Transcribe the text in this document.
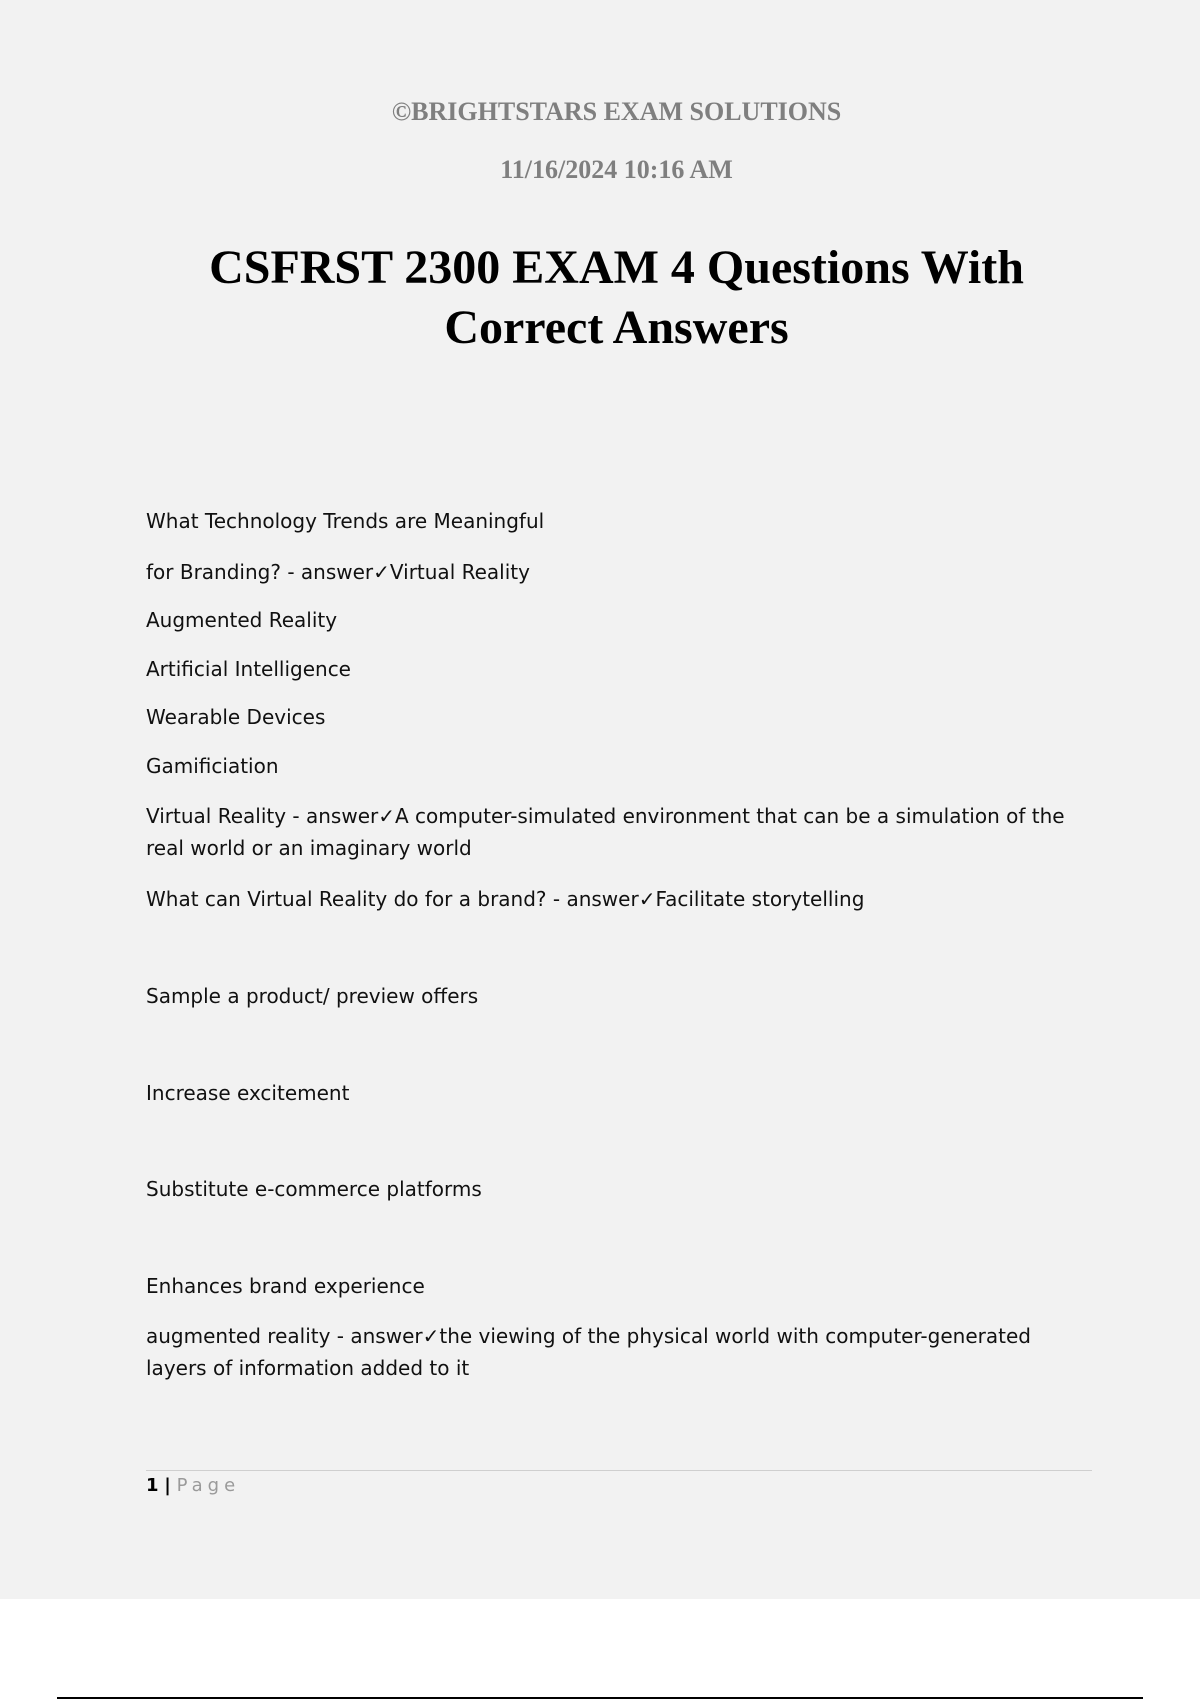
©BRIGHTSTARS EXAM SOLUTIONS
11/16/2024 10:16 AM
CSFRST 2300 EXAM 4 Questions With
Correct Answers

What Technology Trends are Meaningful

for Branding? - answer✓Virtual Reality

Augmented Reality

Artificial Intelligence

Wearable Devices

Gamificiation

Virtual Reality - answer✓A computer-simulated environment that can be a simulation of the real world or an imaginary world

What can Virtual Reality do for a brand? - answer✓Facilitate storytelling

Sample a product/ preview offers

Increase excitement

Substitute e-commerce platforms

Enhances brand experience

augmented reality - answer✓the viewing of the physical world with computer-generated layers of information added to it

1 | Page
